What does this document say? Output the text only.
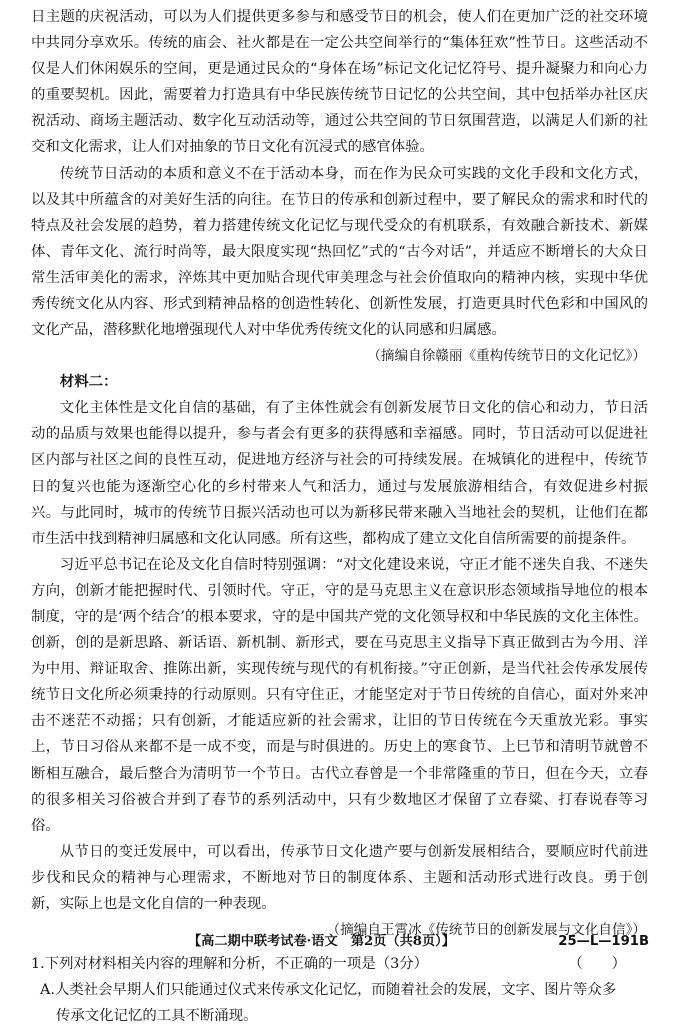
日主题的庆祝活动，可以为人们提供更多参与和感受节日的机会，使人们在更加广泛的社交环境中共同分享欢乐。传统的庙会、社火都是在一定公共空间举行的“集体狂欢”性节日。这些活动不仅是人们休闲娱乐的空间，更是通过民众的“身体在场”标记文化记忆符号、提升凝聚力和向心力的重要契机。因此，需要着力打造具有中华民族传统节日记忆的公共空间，其中包括举办社区庆祝活动、商场主题活动、数字化互动活动等，通过公共空间的节日氛围营造，以满足人们新的社交和文化需求，让人们对抽象的节日文化有沉浸式的感官体验。

传统节日活动的本质和意义不在于活动本身，而在作为民众可实践的文化手段和文化方式，以及其中所蕴含的对美好生活的向往。在节日的传承和创新过程中，要了解民众的需求和时代的特点及社会发展的趋势，着力搭建传统文化记忆与现代受众的有机联系，有效融合新技术、新媒体、青年文化、流行时尚等，最大限度实现“热回忆”式的“古今对话”，并适应不断增长的大众日常生活审美化的需求，淬炼其中更加贴合现代审美理念与社会价值取向的精神内核，实现中华优秀传统文化从内容、形式到精神品格的创造性转化、创新性发展，打造更具时代色彩和中国风的文化产品，潜移默化地增强现代人对中华优秀传统文化的认同感和归属感。

（摘编自徐赣丽《重构传统节日的文化记忆》）

材料二：

文化主体性是文化自信的基础，有了主体性就会有创新发展节日文化的信心和动力，节日活动的品质与效果也能得以提升，参与者会有更多的获得感和幸福感。同时，节日活动可以促进社区内部与社区之间的良性互动，促进地方经济与社会的可持续发展。在城镇化的进程中，传统节日的复兴也能为逐渐空心化的乡村带来人气和活力，通过与发展旅游相结合，有效促进乡村振兴。与此同时，城市的传统节日振兴活动也可以为新移民带来融入当地社会的契机，让他们在都市生活中找到精神归属感和文化认同感。所有这些，都构成了建立文化自信所需要的前提条件。

习近平总书记在论及文化自信时特别强调：“对文化建设来说，守正才能不迷失自我、不迷失方向，创新才能把握时代、引领时代。守正，守的是马克思主义在意识形态领域指导地位的根本制度，守的是‘两个结合’的根本要求，守的是中国共产党的文化领导权和中华民族的文化主体性。创新，创的是新思路、新话语、新机制、新形式，要在马克思主义指导下真正做到古为今用、洋为中用、辩证取舍、推陈出新，实现传统与现代的有机衔接。”守正创新，是当代社会传承发展传统节日文化所必须秉持的行动原则。只有守住正，才能坚定对于节日传统的自信心，面对外来冲击不迷茫不动摇；只有创新，才能适应新的社会需求，让旧的节日传统在今天重放光彩。事实上，节日习俗从来都不是一成不变，而是与时俱进的。历史上的寒食节、上巳节和清明节就曾不断相互融合，最后整合为清明节一个节日。古代立春曾是一个非常隆重的节日，但在今天，立春的很多相关习俗被合并到了春节的系列活动中，只有少数地区才保留了立春粱、打春说春等习俗。

从节日的变迁发展中，可以看出，传承节日文化遗产要与创新发展相结合，要顺应时代前进步伐和民众的精神与心理需求，不断地对节日的制度体系、主题和活动形式进行改良。勇于创新，实际上也是文化自信的一种表现。

（摘编自王霄冰《传统节日的创新发展与文化自信》）

1.下列对材料相关内容的理解和分析，不正确的一项是（3分）	（　　）

A.人类社会早期人们只能通过仪式来传承文化记忆，而随着社会的发展，文字、图片等众多
传承文化记忆的工具不断涌现。

【高二期中联考试卷·语文　第2页（共8页）】	25—L—191B
